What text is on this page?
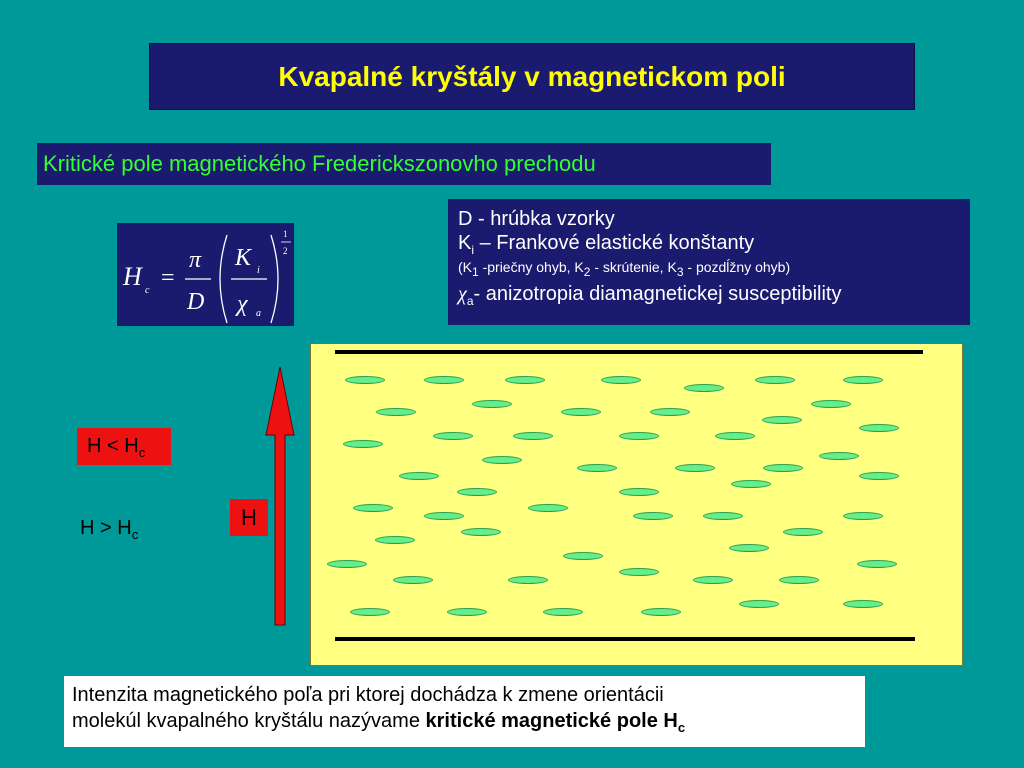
Kvapalné kryštály v magnetickom poli
Kritické pole magnetického Frederickszonovho prechodu
H c =
π
D
K i
χ a
1
2
D - hrúbka vzorky
$K_i$ – Frankové elastické konštanty
($K_1$ -priečny ohyb, $K_2$ - skrútenie, $K_3$ - pozdĺžny ohyb)
$\chi_a-$ anizotropia diamagnetickej susceptibility
$H < H_c$
$H > H_c$
H
Intenzita magnetického poľa pri ktorej dochádza k zmene orientácii
molekúl kvapalného kryštálu nazývame kritické magnetické pole $H_c$
